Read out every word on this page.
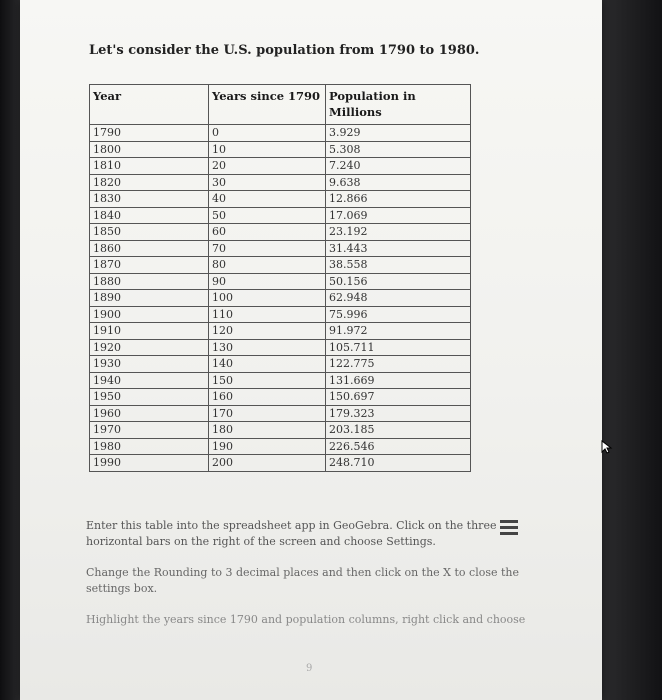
Let's consider the U.S. population from 1790 to 1980.
Year	Years since 1790	Population in Millions
1790	0	3.929
1800	10	5.308
1810	20	7.240
1820	30	9.638
1830	40	12.866
1840	50	17.069
1850	60	23.192
1860	70	31.443
1870	80	38.558
1880	90	50.156
1890	100	62.948
1900	110	75.996
1910	120	91.972
1920	130	105.711
1930	140	122.775
1940	150	131.669
1950	160	150.697
1960	170	179.323
1970	180	203.185
1980	190	226.546
1990	200	248.710
Enter this table into the spreadsheet app in GeoGebra. Click on the three horizontal bars on the right of the screen and choose Settings.
Change the Rounding to 3 decimal places and then click on the X to close the settings box.
Highlight the years since 1790 and population columns, right click and choose
9
